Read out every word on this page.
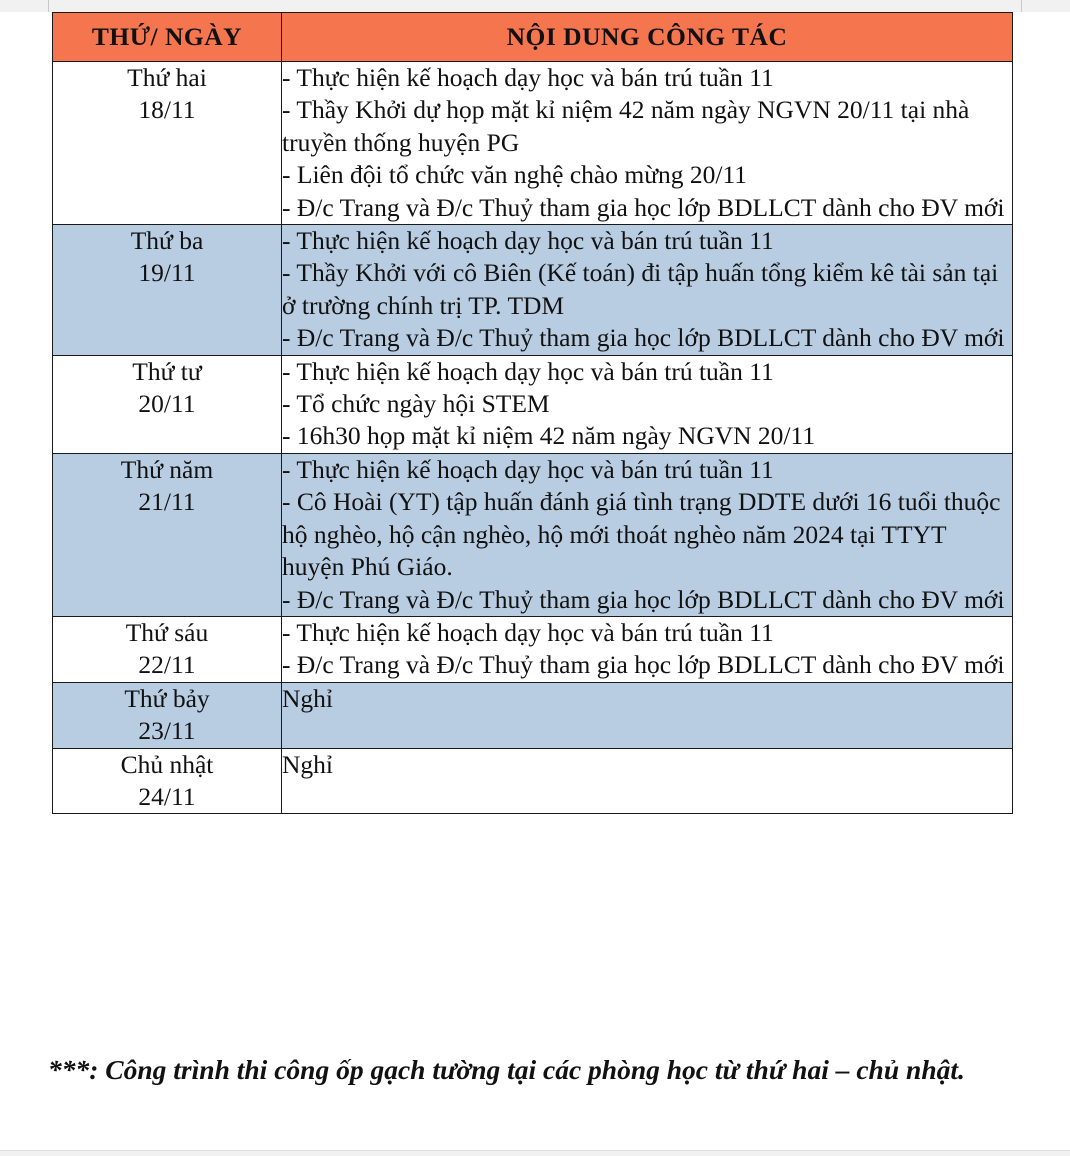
THỨ/ NGÀY	NỘI DUNG CÔNG TÁC

Thứ hai
18/11	- Thực hiện kế hoạch dạy học và bán trú tuần 11
- Thầy Khởi dự họp mặt kỉ niệm 42 năm ngày NGVN 20/11 tại nhà truyền thống huyện PG
- Liên đội tổ chức văn nghệ chào mừng 20/11
- Đ/c Trang và Đ/c Thuỷ tham gia học lớp BDLLCT dành cho ĐV mới

Thứ ba
19/11	- Thực hiện kế hoạch dạy học và bán trú tuần 11
- Thầy Khởi với cô Biên (Kế toán) đi tập huấn tổng kiểm kê tài sản tại ở trường chính trị TP. TDM
- Đ/c Trang và Đ/c Thuỷ tham gia học lớp BDLLCT dành cho ĐV mới

Thứ tư
20/11	- Thực hiện kế hoạch dạy học và bán trú tuần 11
- Tổ chức ngày hội STEM
- 16h30 họp mặt kỉ niệm 42 năm ngày NGVN 20/11

Thứ năm
21/11	- Thực hiện kế hoạch dạy học và bán trú tuần 11
- Cô Hoài (YT) tập huấn đánh giá tình trạng DDTE dưới 16 tuổi thuộc hộ nghèo, hộ cận nghèo, hộ mới thoát nghèo năm 2024 tại TTYT huyện Phú Giáo.
- Đ/c Trang và Đ/c Thuỷ tham gia học lớp BDLLCT dành cho ĐV mới

Thứ sáu
22/11	- Thực hiện kế hoạch dạy học và bán trú tuần 11
- Đ/c Trang và Đ/c Thuỷ tham gia học lớp BDLLCT dành cho ĐV mới

Thứ bảy
23/11	Nghỉ

Chủ nhật
24/11	Nghỉ
***: Công trình thi công ốp gạch tường tại các phòng học từ thứ hai – chủ nhật.
